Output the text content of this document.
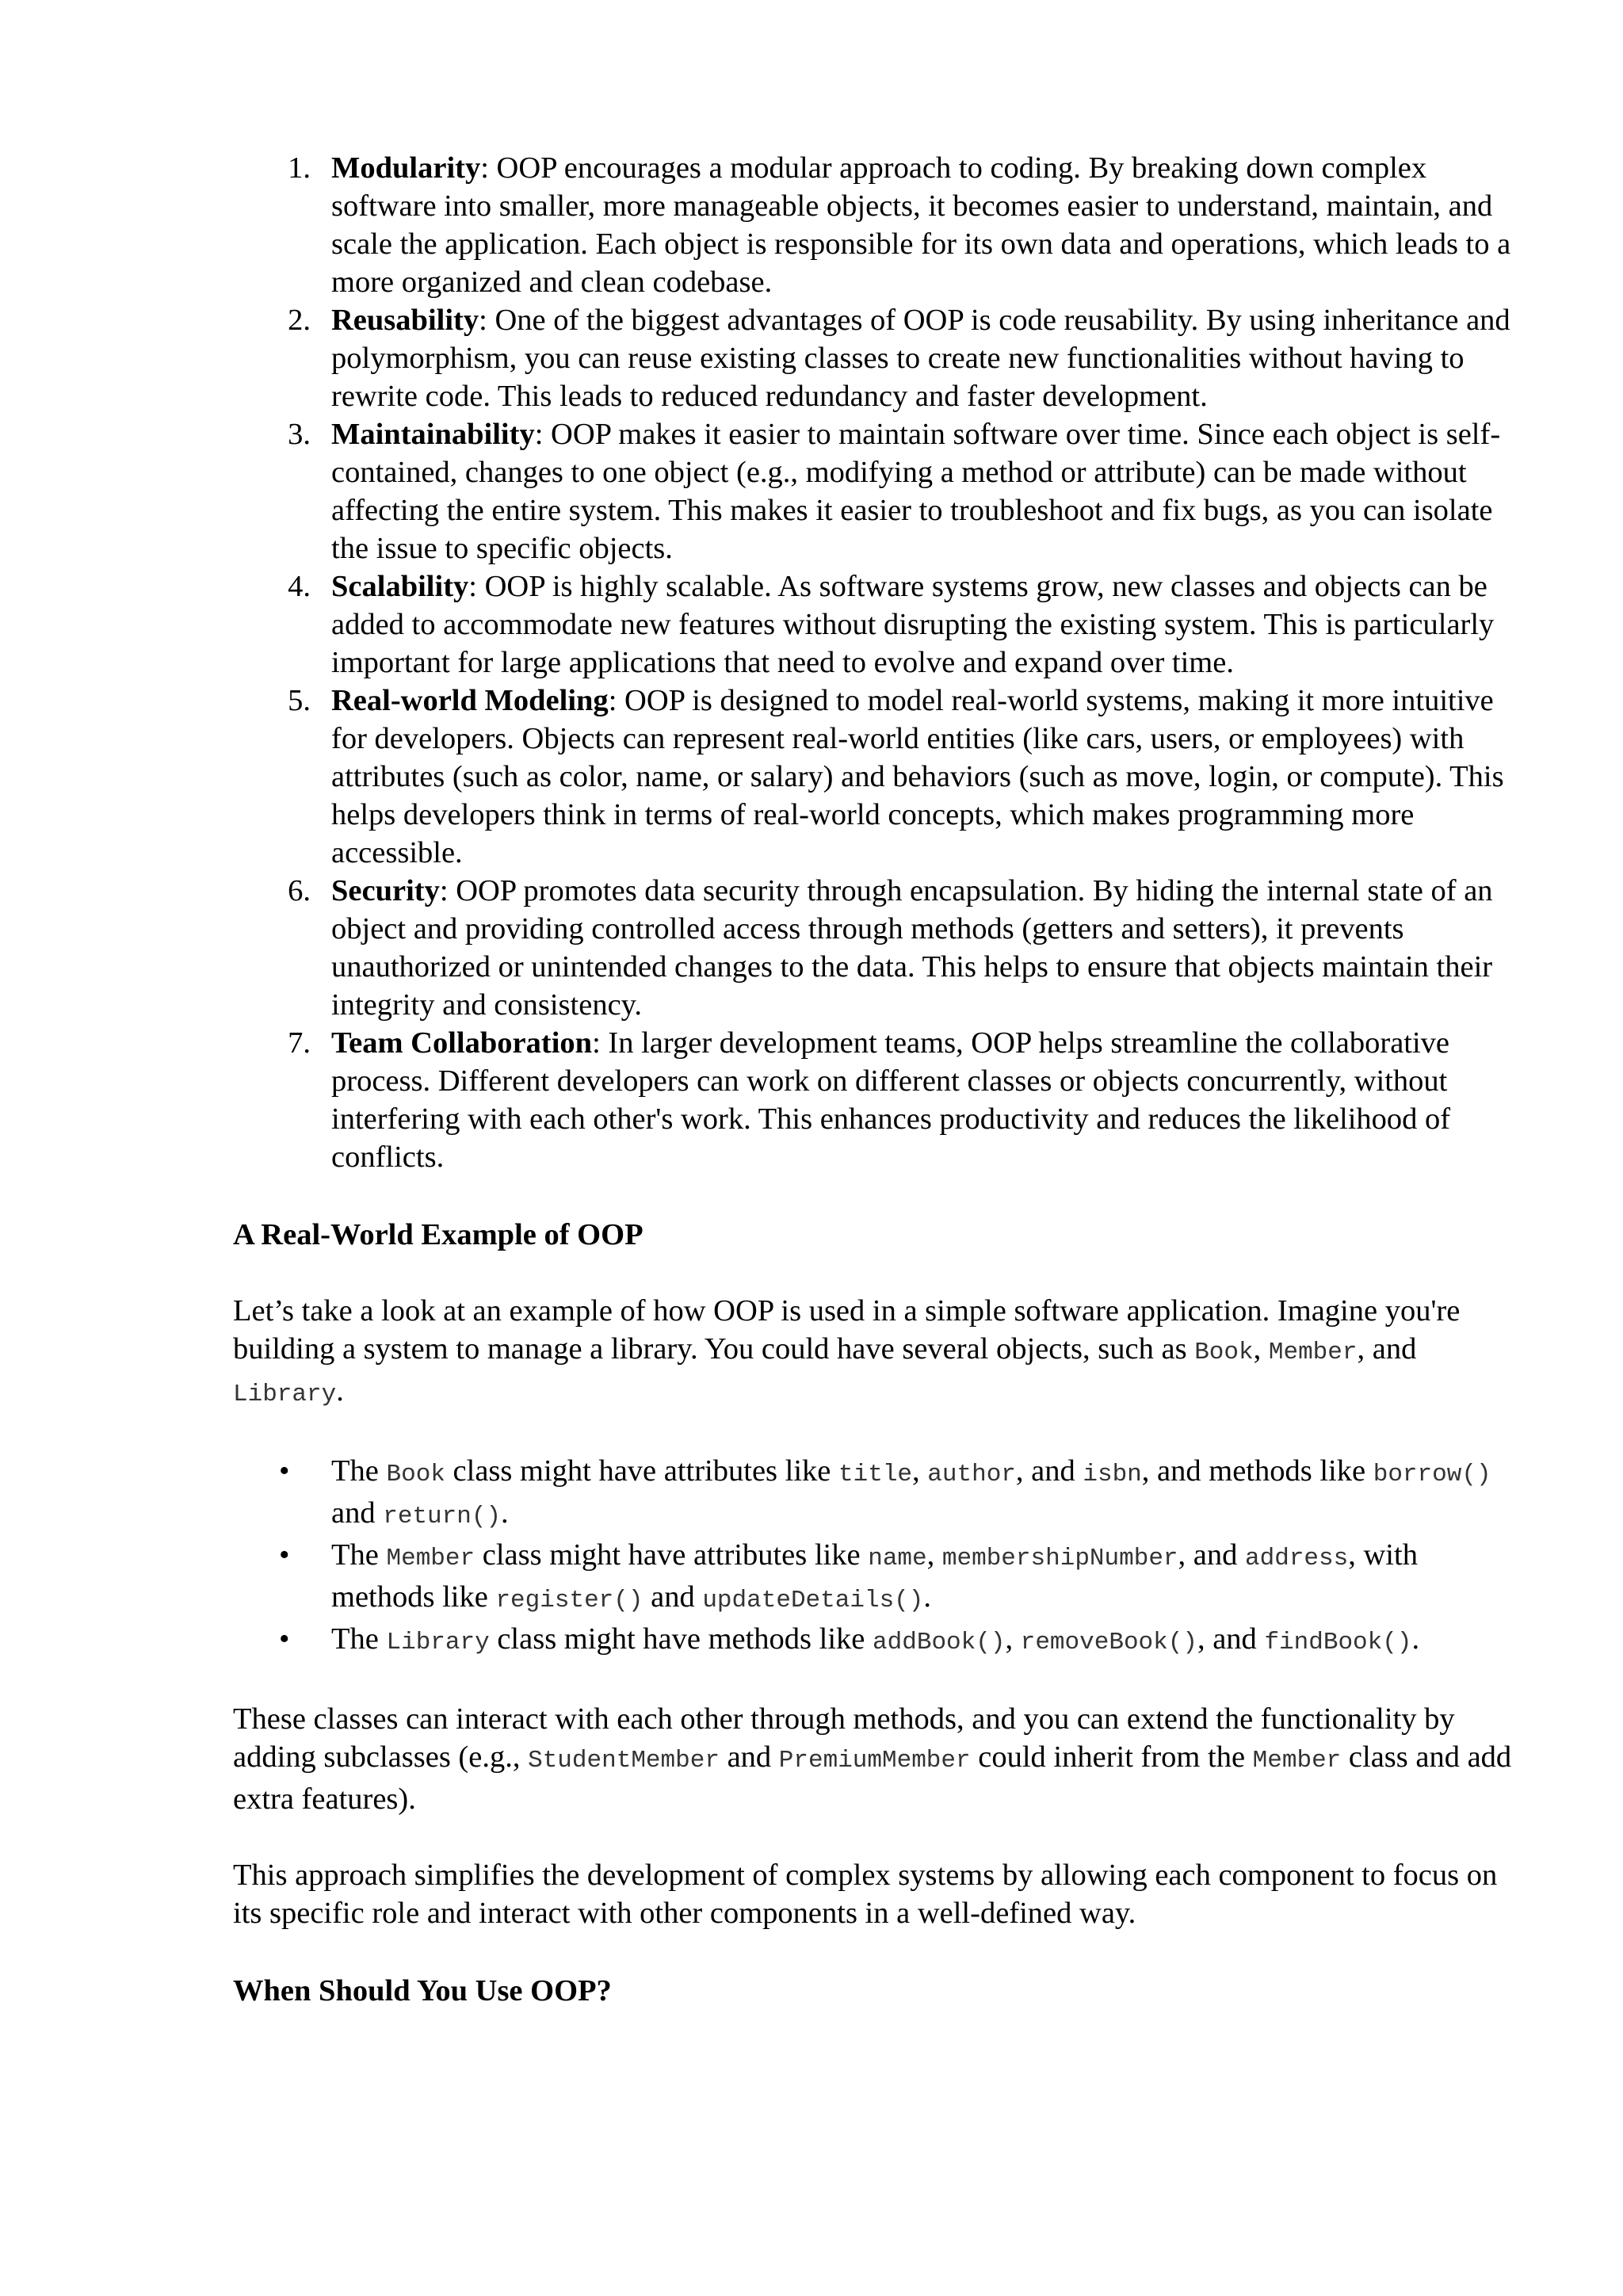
Modularity: OOP encourages a modular approach to coding. By breaking down complex software into smaller, more manageable objects, it becomes easier to understand, maintain, and scale the application. Each object is responsible for its own data and operations, which leads to a more organized and clean codebase.
Reusability: One of the biggest advantages of OOP is code reusability. By using inheritance and polymorphism, you can reuse existing classes to create new functionalities without having to rewrite code. This leads to reduced redundancy and faster development.
Maintainability: OOP makes it easier to maintain software over time. Since each object is self-contained, changes to one object (e.g., modifying a method or attribute) can be made without affecting the entire system. This makes it easier to troubleshoot and fix bugs, as you can isolate the issue to specific objects.
Scalability: OOP is highly scalable. As software systems grow, new classes and objects can be added to accommodate new features without disrupting the existing system. This is particularly important for large applications that need to evolve and expand over time.
Real-world Modeling: OOP is designed to model real-world systems, making it more intuitive for developers. Objects can represent real-world entities (like cars, users, or employees) with attributes (such as color, name, or salary) and behaviors (such as move, login, or compute). This helps developers think in terms of real-world concepts, which makes programming more accessible.
Security: OOP promotes data security through encapsulation. By hiding the internal state of an object and providing controlled access through methods (getters and setters), it prevents unauthorized or unintended changes to the data. This helps to ensure that objects maintain their integrity and consistency.
Team Collaboration: In larger development teams, OOP helps streamline the collaborative process. Different developers can work on different classes or objects concurrently, without interfering with each other's work. This enhances productivity and reduces the likelihood of conflicts.
A Real-World Example of OOP

Let’s take a look at an example of how OOP is used in a simple software application. Imagine you're building a system to manage a library. You could have several objects, such as Book, Member, and Library.

• The Book class might have attributes like title, author, and isbn, and methods like borrow() and return().
• The Member class might have attributes like name, membershipNumber, and address, with methods like register() and updateDetails().
• The Library class might have methods like addBook(), removeBook(), and findBook().

These classes can interact with each other through methods, and you can extend the functionality by adding subclasses (e.g., StudentMember and PremiumMember could inherit from the Member class and add extra features).

This approach simplifies the development of complex systems by allowing each component to focus on its specific role and interact with other components in a well-defined way.

When Should You Use OOP?
